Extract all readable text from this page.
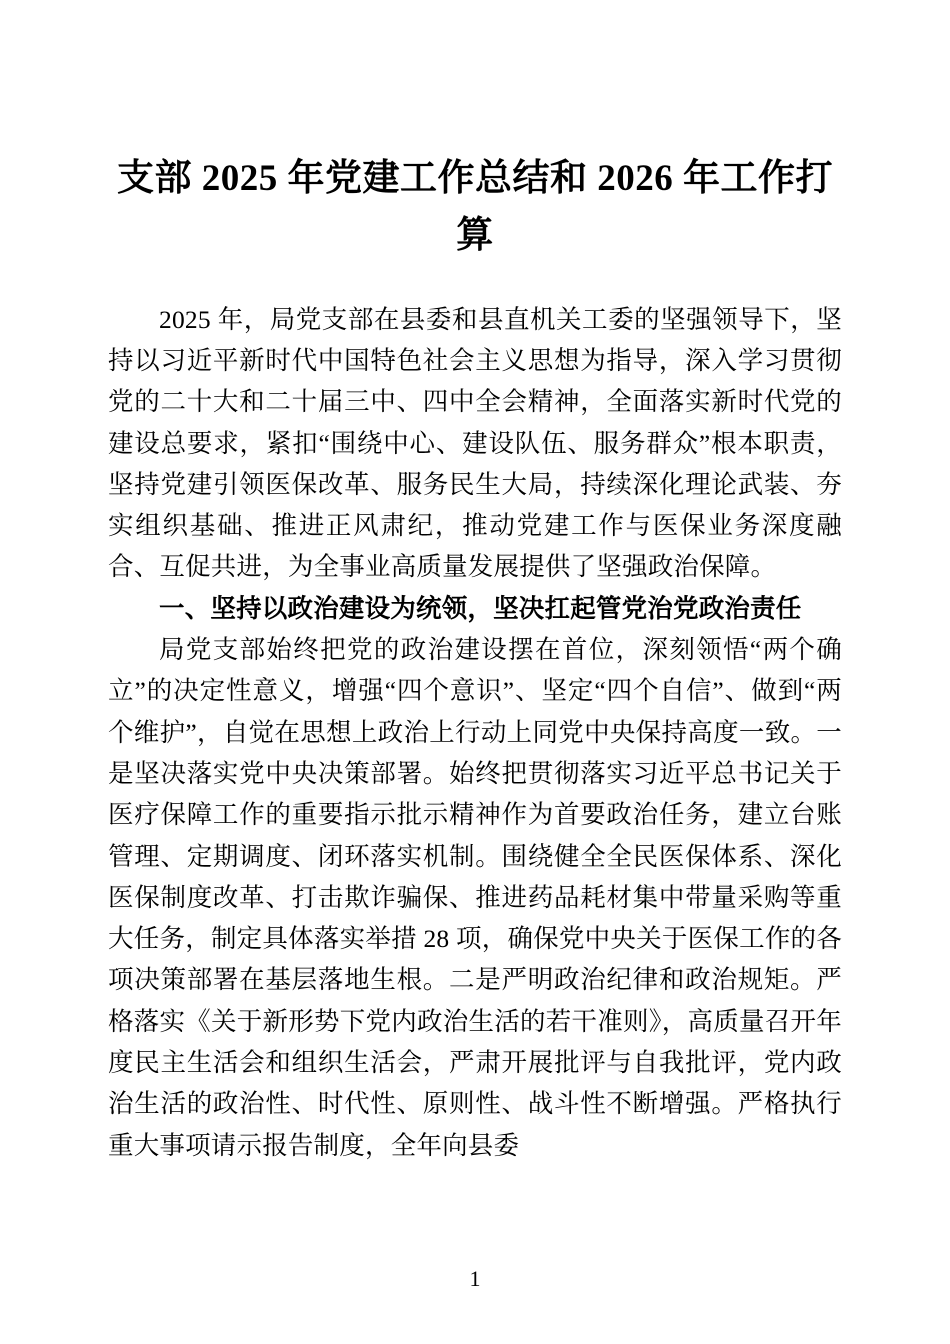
支部 2025 年党建工作总结和 2026 年工作打算

2025 年，局党支部在县委和县直机关工委的坚强领导下，坚持以习近平新时代中国特色社会主义思想为指导，深入学习贯彻党的二十大和二十届三中、四中全会精神，全面落实新时代党的建设总要求，紧扣“围绕中心、建设队伍、服务群众”根本职责，坚持党建引领医保改革、服务民生大局，持续深化理论武装、夯实组织基础、推进正风肃纪，推动党建工作与医保业务深度融合、互促共进，为全事业高质量发展提供了坚强政治保障。

一、坚持以政治建设为统领，坚决扛起管党治党政治责任

局党支部始终把党的政治建设摆在首位，深刻领悟“两个确立”的决定性意义，增强“四个意识”、坚定“四个自信”、做到“两个维护”，自觉在思想上政治上行动上同党中央保持高度一致。一是坚决落实党中央决策部署。始终把贯彻落实习近平总书记关于医疗保障工作的重要指示批示精神作为首要政治任务，建立台账管理、定期调度、闭环落实机制。围绕健全全民医保体系、深化医保制度改革、打击欺诈骗保、推进药品耗材集中带量采购等重大任务，制定具体落实举措 28 项，确保党中央关于医保工作的各项决策部署在基层落地生根。二是严明政治纪律和政治规矩。严格落实《关于新形势下党内政治生活的若干准则》，高质量召开年度民主生活会和组织生活会，严肃开展批评与自我批评，党内政治生活的政治性、时代性、原则性、战斗性不断增强。严格执行重大事项请示报告制度，全年向县委

1
